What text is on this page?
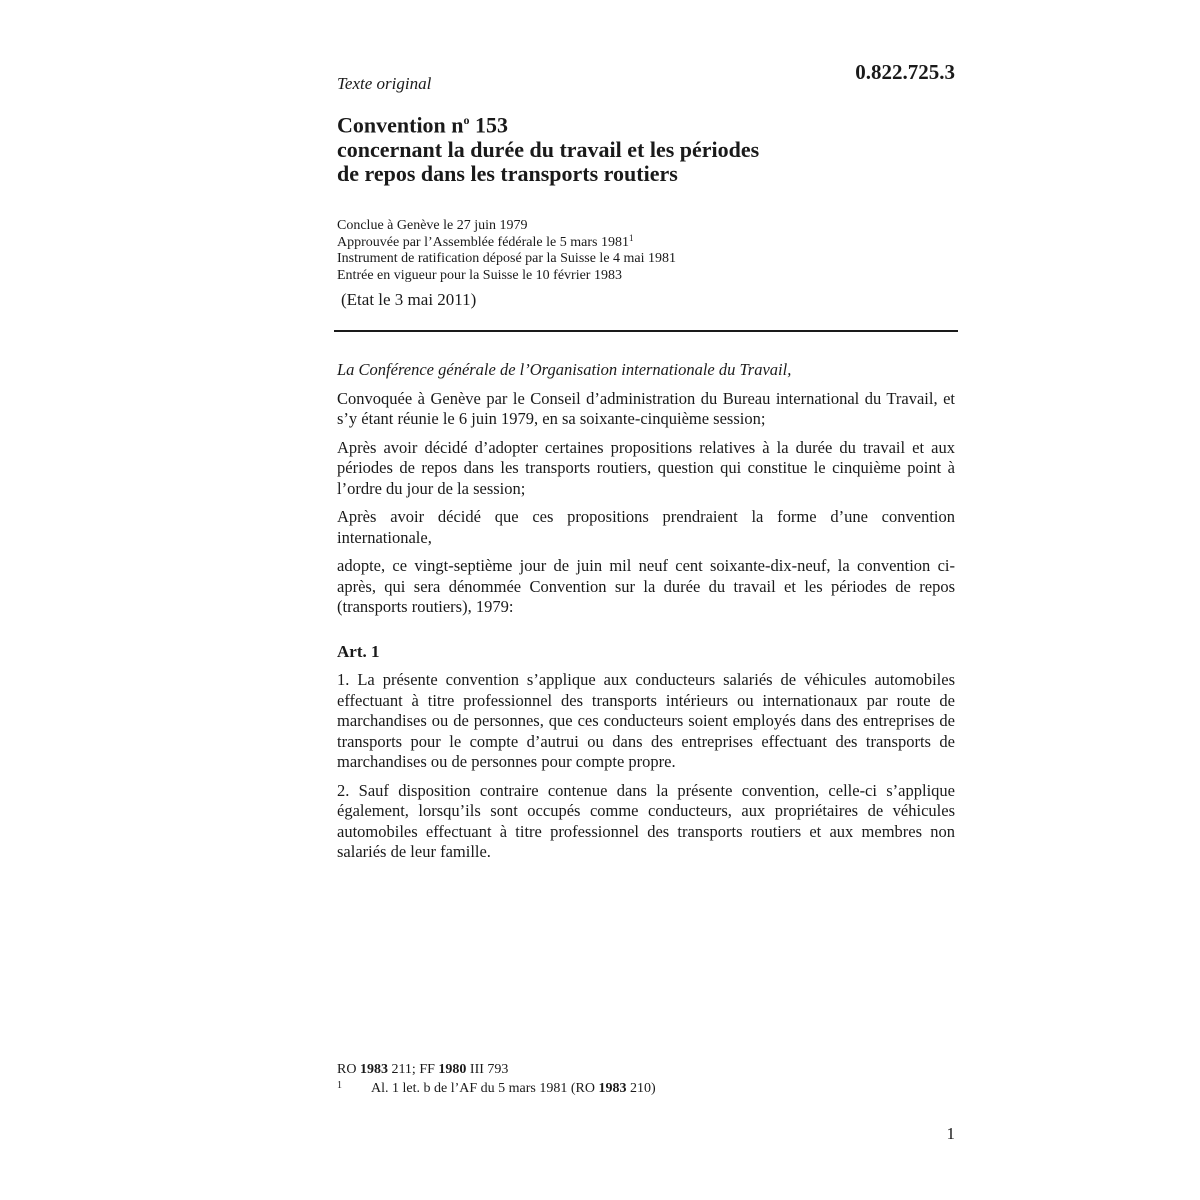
Texte original	0.822.725.3
Convention $n^o$ 153
concernant la durée du travail et les périodes
de repos dans les transports routiers
Conclue à Genève le 27 juin 1979
Approuvée par l’Assemblée fédérale le 5 mars 1981$^1$
Instrument de ratification déposé par la Suisse le 4 mai 1981
Entrée en vigueur pour la Suisse le 10 février 1983
(Etat le 3 mai 2011)

La Conférence générale de l’Organisation internationale du Travail,

Convoquée à Genève par le Conseil d’administration du Bureau international du Travail, et s’y étant réunie le 6 juin 1979, en sa soixante-cinquième session;

Après avoir décidé d’adopter certaines propositions relatives à la durée du travail et aux périodes de repos dans les transports routiers, question qui constitue le cinquième point à l’ordre du jour de la session;

Après avoir décidé que ces propositions prendraient la forme d’une convention internationale,

adopte, ce vingt-septième jour de juin mil neuf cent soixante-dix-neuf, la convention ci-après, qui sera dénommée Convention sur la durée du travail et les périodes de repos (transports routiers), 1979:

Art. 1

1. La présente convention s’applique aux conducteurs salariés de véhicules automobiles effectuant à titre professionnel des transports intérieurs ou internationaux par route de marchandises ou de personnes, que ces conducteurs soient employés dans des entreprises de transports pour le compte d’autrui ou dans des entreprises effectuant des transports de marchandises ou de personnes pour compte propre.

2. Sauf disposition contraire contenue dans la présente convention, celle-ci s’applique également, lorsqu’ils sont occupés comme conducteurs, aux propriétaires de véhicules automobiles effectuant à titre professionnel des transports routiers et aux membres non salariés de leur famille.

RO 1983 211; FF 1980 III 793
1	Al. 1 let. b de l’AF du 5 mars 1981 (RO 1983 210)
1
